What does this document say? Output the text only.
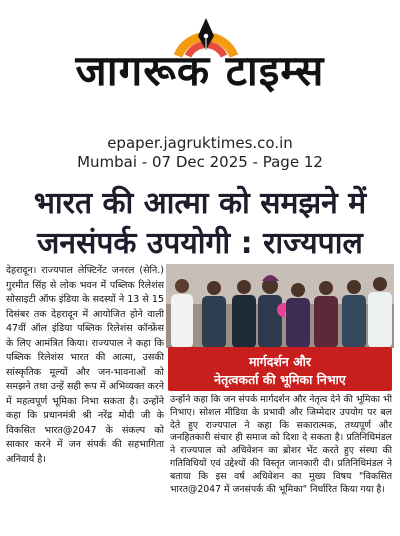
जागरूक टाइम्स
epaper.jagruktimes.co.in
Mumbai - 07 Dec 2025 - Page 12
भारत की आत्मा को समझने में
जनसंपर्क उपयोगी : राज्यपाल
देहरादून। राज्यपाल लेफ्टिनेंट जनरल (सेनि.) गुरमीत सिंह से लोक भवन में पब्लिक रिलेशंस सोसाइटी ऑफ इंडिया के सदस्यों ने 13 से 15 दिसंबर तक देहरादून में आयोजित होने वाली 47वीं ऑल इंडिया पब्लिक रिलेशंस कॉन्फ्रेंस के लिए आमंत्रित किया। राज्यपाल ने कहा कि पब्लिक रिलेशंस भारत की आत्मा, उसकी सांस्कृतिक मूल्यों और जन-भावनाओं को समझने तथा उन्हें सही रूप में अभिव्यक्त करने में महत्वपूर्ण भूमिका निभा सकता है। उन्होंने कहा कि प्रधानमंत्री श्री नरेंद्र मोदी जी के विकसित भारत@2047 के संकल्प को साकार करने में जन संपर्क की सहभागिता अनिवार्य है।
मार्गदर्शन और
नेतृत्वकर्ता की भूमिका निभाए
उन्होंने कहा कि जन संपर्क मार्गदर्शन और नेतृत्व देने की भूमिका भी निभाए। सोशल मीडिया के प्रभावी और जिम्मेदार उपयोग पर बल देते हुए राज्यपाल ने कहा कि सकारात्मक, तथ्यपूर्ण और जनहितकारी संचार ही समाज को दिशा दे सकता है। प्रतिनिधिमंडल ने राज्यपाल को अधिवेशन का ब्रोशर भेंट करते हुए संस्था की गतिविधियों एवं उद्देश्यों की विस्तृत जानकारी दी। प्रतिनिधिमंडल ने बताया कि इस वर्ष अधिवेशन का मुख्य विषय "विकसित भारत@2047 में जनसंपर्क की भूमिका" निर्धारित किया गया है।
